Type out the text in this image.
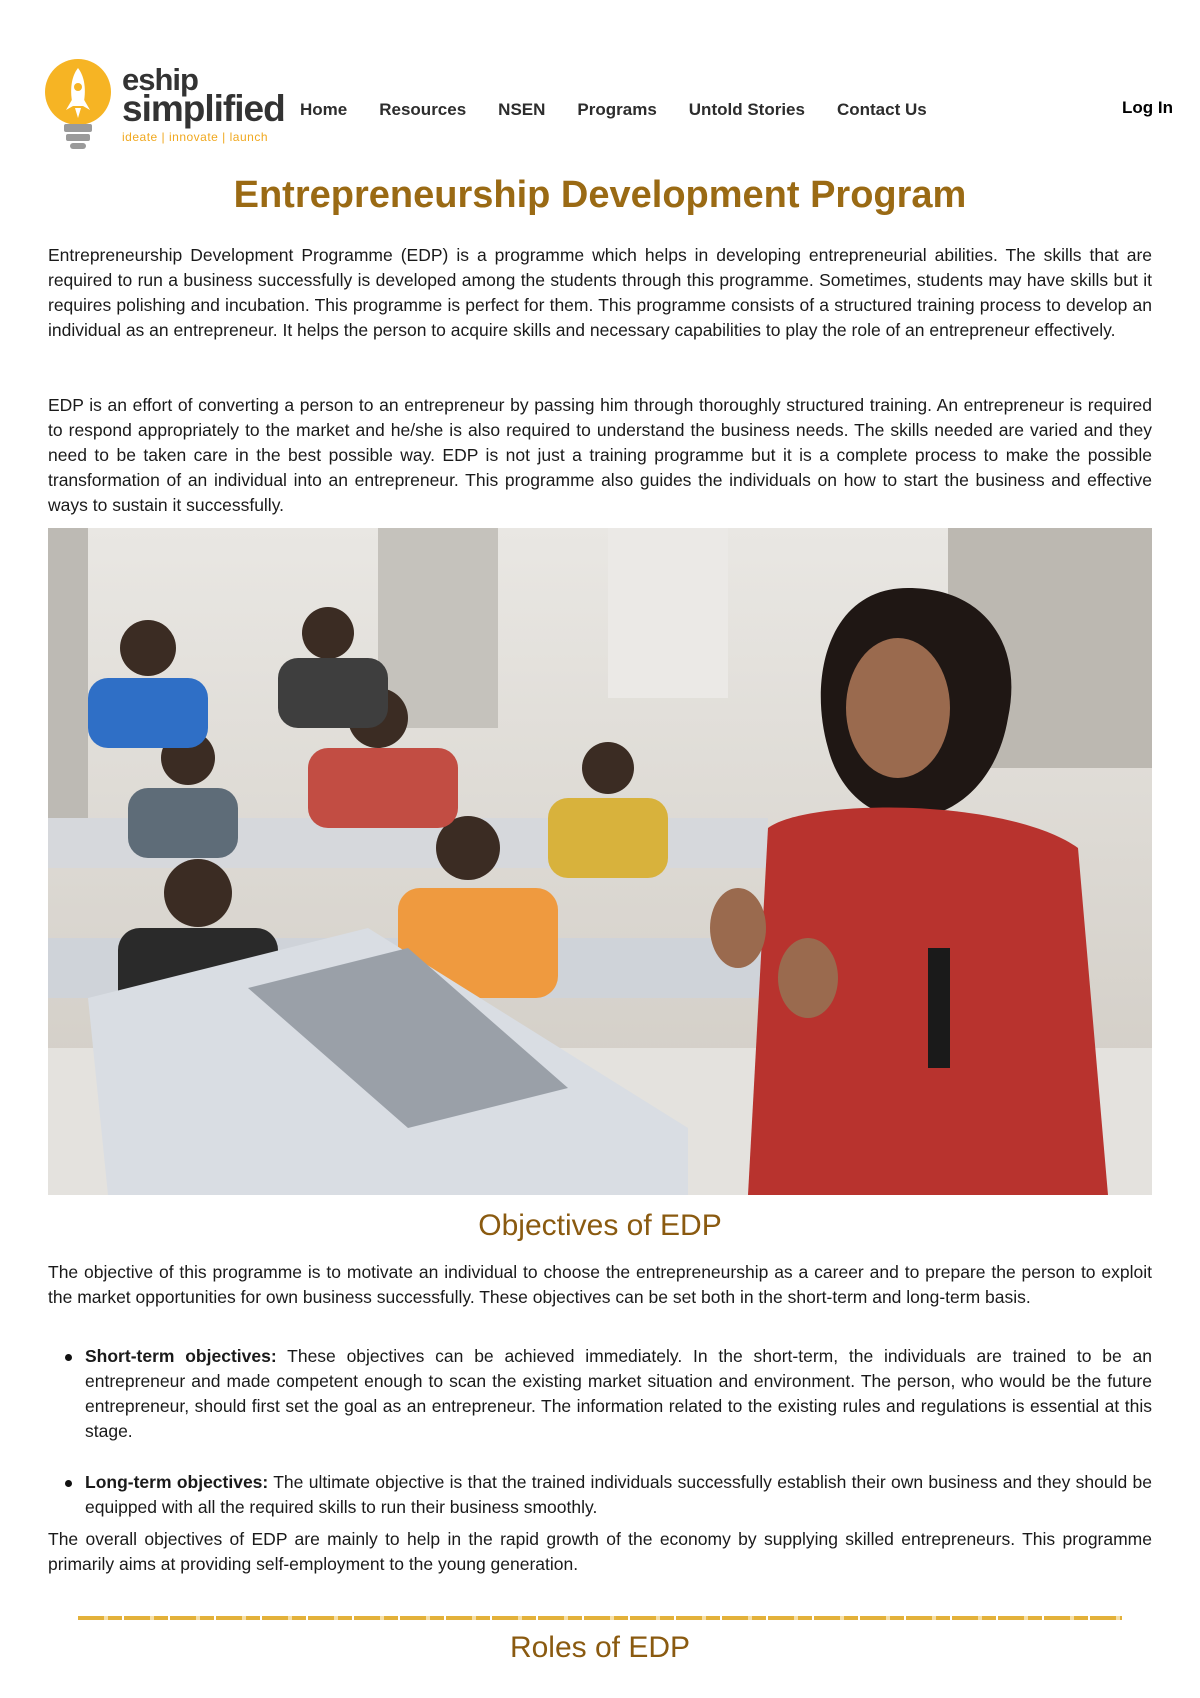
eship
simplified
ideate | innovate | launch
Home Resources NSEN Programs Untold Stories Contact Us	Log In
Entrepreneurship Development Program

Entrepreneurship Development Programme (EDP) is a programme which helps in developing entrepreneurial abilities. The skills that are required to run a business successfully is developed among the students through this programme. Sometimes, students may have skills but it requires polishing and incubation. This programme is perfect for them. This programme consists of a structured training process to develop an individual as an entrepreneur. It helps the person to acquire skills and necessary capabilities to play the role of an entrepreneur effectively.

EDP is an effort of converting a person to an entrepreneur by passing him through thoroughly structured training. An entrepreneur is required to respond appropriately to the market and he/she is also required to understand the business needs. The skills needed are varied and they need to be taken care in the best possible way. EDP is not just a training programme but it is a complete process to make the possible transformation of an individual into an entrepreneur. This programme also guides the individuals on how to start the business and effective ways to sustain it successfully.

Objectives of EDP

The objective of this programme is to motivate an individual to choose the entrepreneurship as a career and to prepare the person to exploit the market opportunities for own business successfully. These objectives can be set both in the short-term and long-term basis.

Short-term objectives: These objectives can be achieved immediately. In the short-term, the individuals are trained to be an entrepreneur and made competent enough to scan the existing market situation and environment. The person, who would be the future entrepreneur, should first set the goal as an entrepreneur. The information related to the existing rules and regulations is essential at this stage.
Long-term objectives: The ultimate objective is that the trained individuals successfully establish their own business and they should be equipped with all the required skills to run their business smoothly.

The overall objectives of EDP are mainly to help in the rapid growth of the economy by supplying skilled entrepreneurs. This programme primarily aims at providing self-employment to the young generation.

Roles of EDP
